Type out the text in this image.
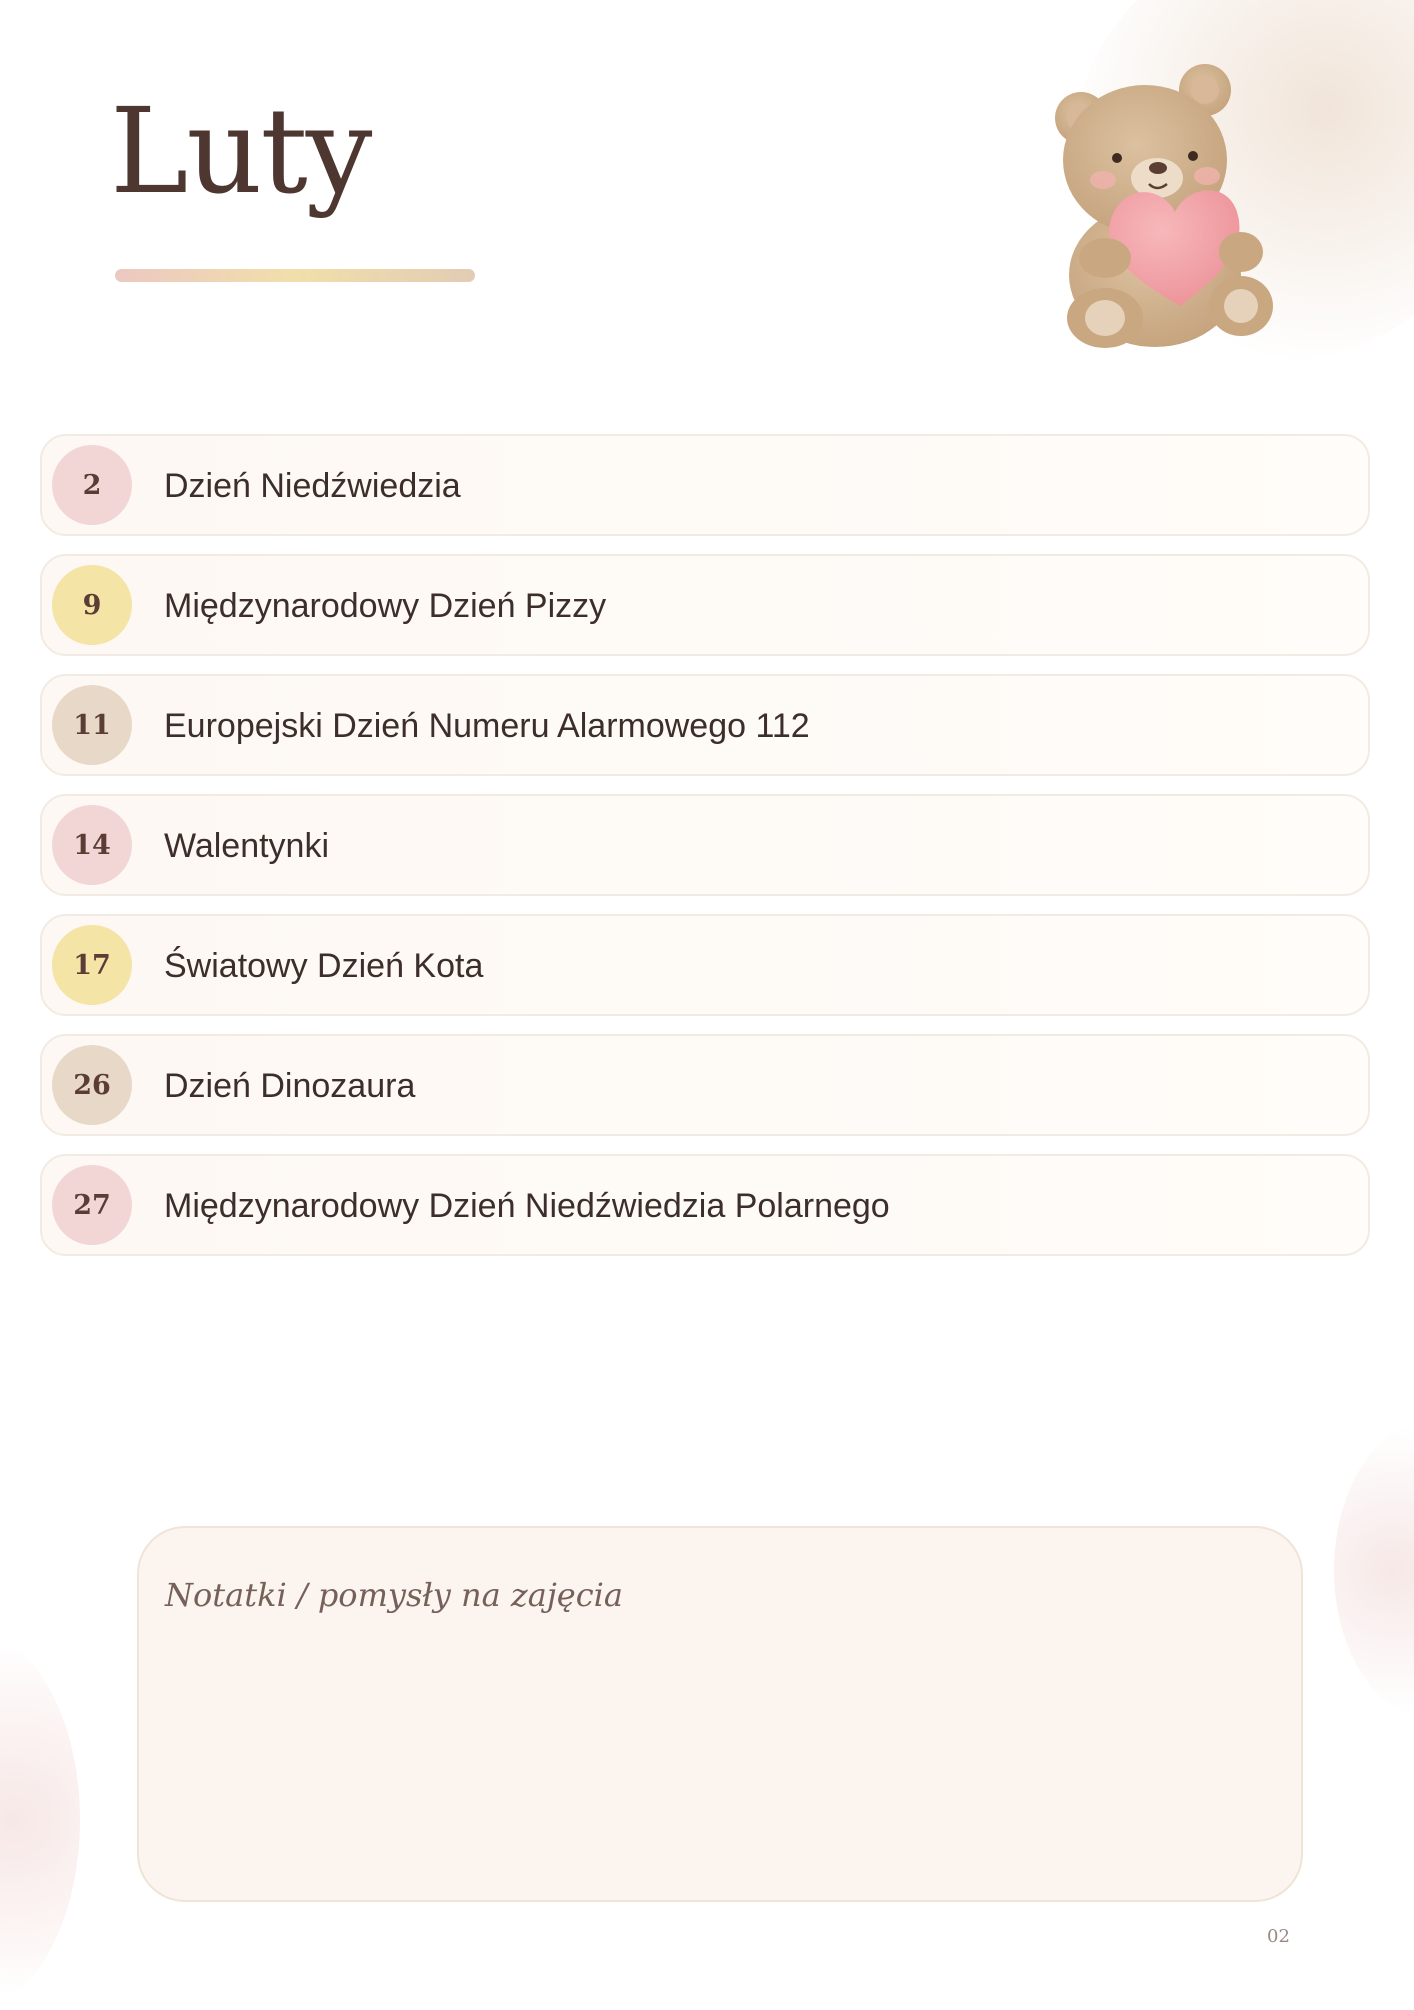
Luty
2	Dzień Niedźwiedzia
9	Międzynarodowy Dzień Pizzy
11	Europejski Dzień Numeru Alarmowego 112
14	Walentynki
17	Światowy Dzień Kota
26	Dzień Dinozaura
27	Międzynarodowy Dzień Niedźwiedzia Polarnego
Notatki / pomysły na zajęcia
02
